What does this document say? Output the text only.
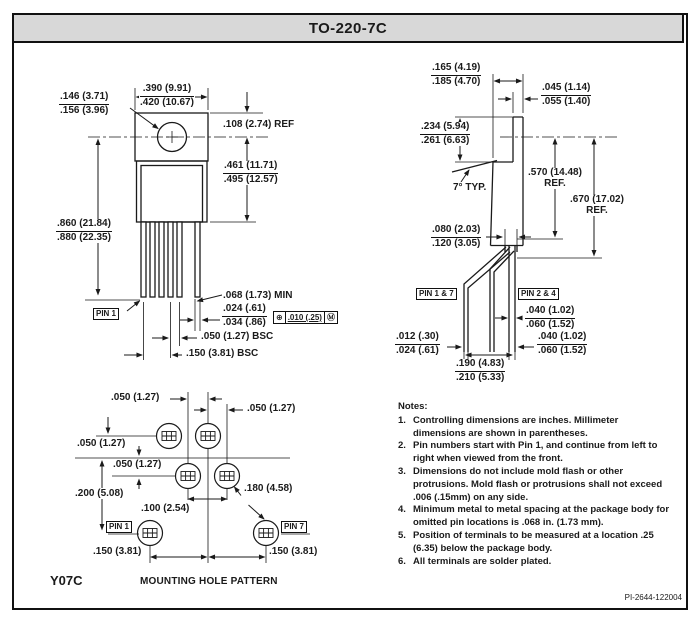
TO-220-7C
$\frac{.390 (9.91)}{.420 (10.67)}$
$\frac{.146 (3.71)}{.156 (3.96)}$
.108 (2.74) REF
$\frac{.461 (11.71)}{.495 (12.57)}$
$\frac{.860 (21.84)}{.880 (22.35)}$
PIN 1
.068 (1.73) MIN
$\frac{.024 (.61)}{.034 (.86)}$ ⊕ .010 (.25) Ⓜ
.050 (1.27) BSC
.150 (3.81) BSC
$\frac{.165 (4.19)}{.185 (4.70)}$
$\frac{.045 (1.14)}{.055 (1.40)}$
$\frac{.234 (5.94)}{.261 (6.63)}$
7° TYP.
.570 (14.48)
REF.
.670 (17.02)
REF.
$\frac{.080 (2.03)}{.120 (3.05)}$
PIN 1 & 7	PIN 2 & 4
$\frac{.040 (1.02)}{.060 (1.52)}$
$\frac{.012 (.30)}{.024 (.61)}$	$\frac{.040 (1.02)}{.060 (1.52)}$
$\frac{.190 (4.83)}{.210 (5.33)}$
.050 (1.27)
.050 (1.27)
.050 (1.27)
.050 (1.27)
.200 (5.08)
.100 (2.54)
.180 (4.58)
.150 (3.81)	.150 (3.81)
PIN 1	PIN 7
MOUNTING HOLE PATTERN
Y07C
Notes:
1. Controlling dimensions are inches. Millimeter dimensions are shown in parentheses.
2. Pin numbers start with Pin 1, and continue from left to right when viewed from the front.
3. Dimensions do not include mold flash or other protrusions. Mold flash or protrusions shall not exceed .006 (.15mm) on any side.
4. Minimum metal to metal spacing at the package body for omitted pin locations is .068 in. (1.73 mm).
5. Position of terminals to be measured at a location .25 (6.35) below the package body.
6. All terminals are solder plated.
PI-2644-122004
